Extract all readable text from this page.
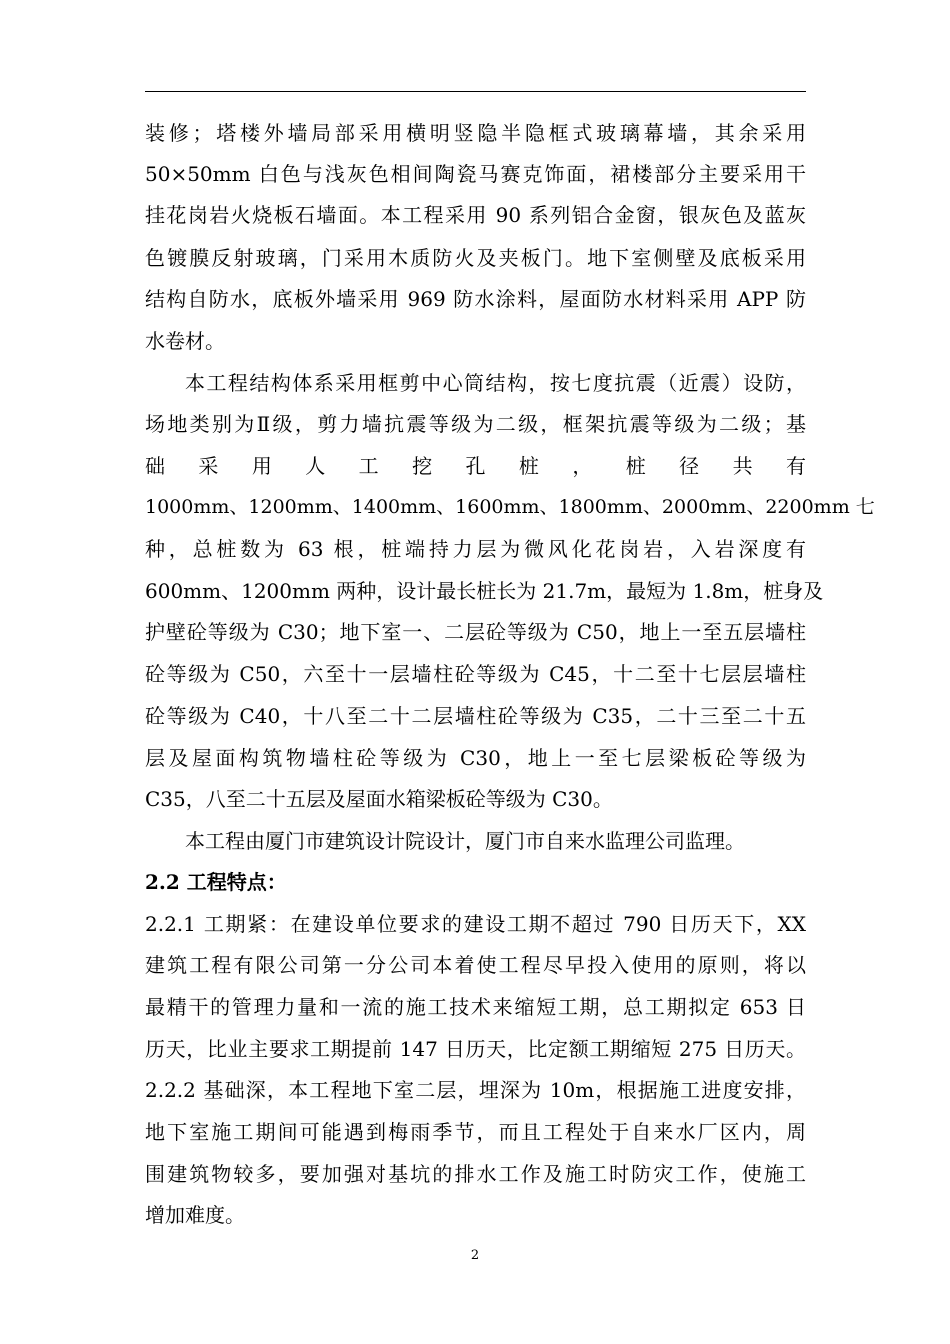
装修；塔楼外墙局部采用横明竖隐半隐框式玻璃幕墙，其余采用
50×50mm 白色与浅灰色相间陶瓷马赛克饰面，裙楼部分主要采用干
挂花岗岩火烧板石墙面。本工程采用 90 系列铝合金窗，银灰色及蓝灰
色镀膜反射玻璃，门采用木质防火及夹板门。地下室侧壁及底板采用
结构自防水，底板外墙采用 969 防水涂料，屋面防水材料采用 APP 防
水卷材。
本工程结构体系采用框剪中心筒结构，按七度抗震（近震）设防，
场地类别为Ⅱ级，剪力墙抗震等级为二级，框架抗震等级为二级；基
础 采 用 人 工 挖 孔 桩 ， 桩 径 共 有
1000mm、1200mm、1400mm、1600mm、1800mm、2000mm、2200mm 七
种，总桩数为 63 根，桩端持力层为微风化花岗岩，入岩深度有
600mm、1200mm 两种，设计最长桩长为 21.7m，最短为 1.8m，桩身及
护壁砼等级为 C30；地下室一、二层砼等级为 C50，地上一至五层墙柱
砼等级为 C50，六至十一层墙柱砼等级为 C45，十二至十七层层墙柱
砼等级为 C40，十八至二十二层墙柱砼等级为 C35，二十三至二十五
层及屋面构筑物墙柱砼等级为 C30，地上一至七层梁板砼等级为
C35，八至二十五层及屋面水箱梁板砼等级为 C30。
本工程由厦门市建筑设计院设计，厦门市自来水监理公司监理。
2.2 工程特点：
2.2.1 工期紧：在建设单位要求的建设工期不超过 790 日历天下，XX
建筑工程有限公司第一分公司本着使工程尽早投入使用的原则，将以
最精干的管理力量和一流的施工技术来缩短工期，总工期拟定 653 日
历天，比业主要求工期提前 147 日历天，比定额工期缩短 275 日历天。
2.2.2 基础深，本工程地下室二层，埋深为 10m，根据施工进度安排，
地下室施工期间可能遇到梅雨季节，而且工程处于自来水厂区内，周
围建筑物较多，要加强对基坑的排水工作及施工时防灾工作，使施工
增加难度。
2
